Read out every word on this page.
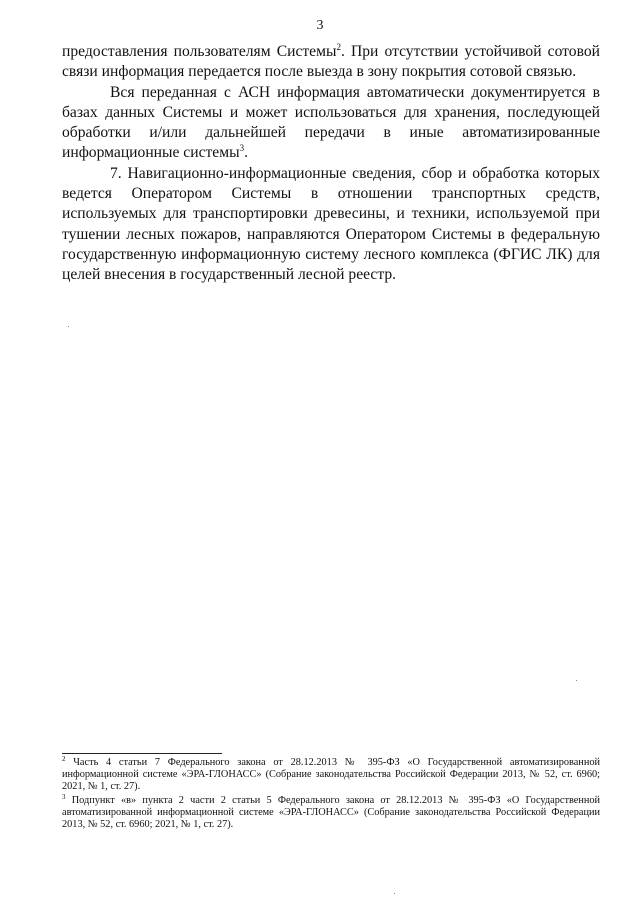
3

предоставления пользователям Системы$^2$. При отсутствии устойчивой сотовой связи информация передается после выезда в зону покрытия сотовой связью.

Вся переданная с АСН информация автоматически документируется в базах данных Системы и может использоваться для хранения, последующей обработки и/или дальнейшей передачи в иные автоматизированные информационные системы$^3$.

7. Навигационно-информационные сведения, сбор и обработка которых ведется Оператором Системы в отношении транспортных средств, используемых для транспортировки древесины, и техники, используемой при тушении лесных пожаров, направляются Оператором Системы в федеральную государственную информационную систему лесного комплекса (ФГИС ЛК) для целей внесения в государственный лесной реестр.

$^2$ Часть 4 статьи 7 Федерального закона от 28.12.2013 № 395-ФЗ «О Государственной автоматизированной информационной системе «ЭРА-ГЛОНАСС» (Собрание законодательства Российской Федерации 2013, № 52, ст. 6960; 2021, № 1, ст. 27).

$^3$ Подпункт «в» пункта 2 части 2 статьи 5 Федерального закона от 28.12.2013 № 395-ФЗ «О Государственной автоматизированной информационной системе «ЭРА-ГЛОНАСС» (Собрание законодательства Российской Федерации 2013, № 52, ст. 6960; 2021, № 1, ст. 27).
